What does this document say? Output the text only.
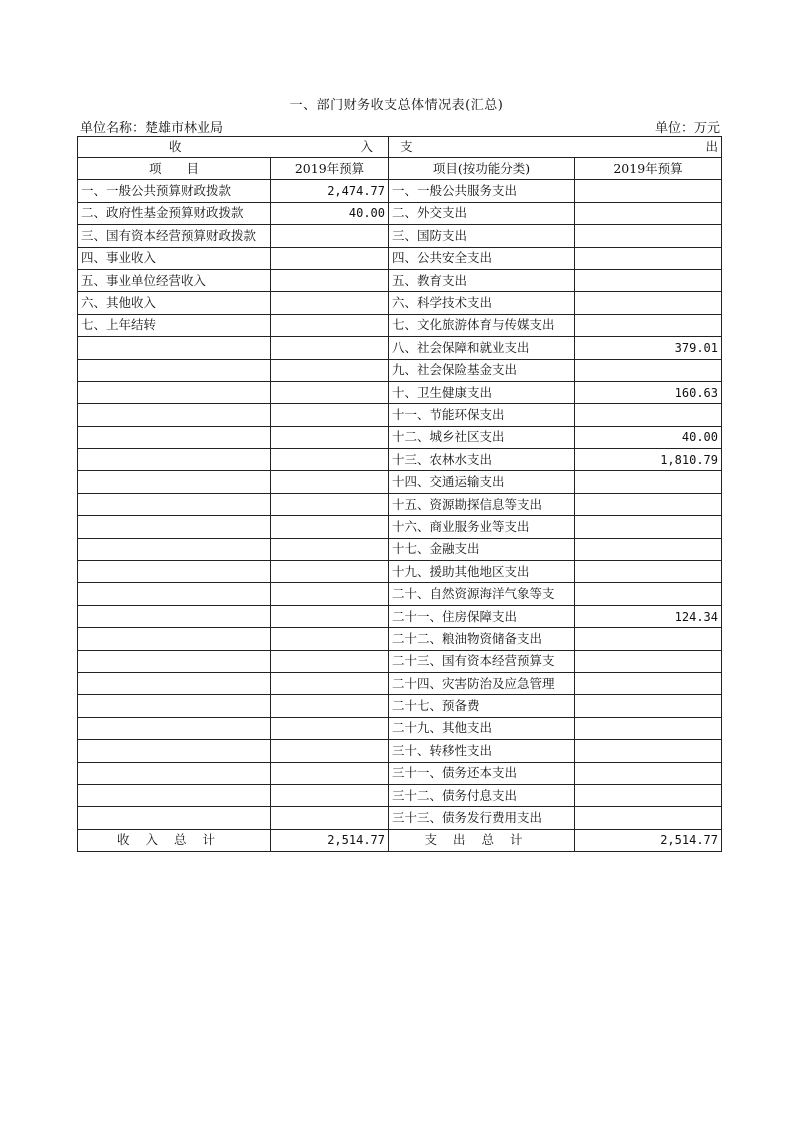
一、部门财务收支总体情况表(汇总)
单位名称：楚雄市林业局	单位：万元
收 入		支 出	

项　　目	2019年预算	项目(按功能分类)	2019年预算
一、一般公共预算财政拨款	2,474.77	一、一般公共服务支出	
二、政府性基金预算财政拨款	40.00	二、外交支出	
三、国有资本经营预算财政拨款		三、国防支出	
四、事业收入		四、公共安全支出	
五、事业单位经营收入		五、教育支出	
六、其他收入		六、科学技术支出	
七、上年结转		七、文化旅游体育与传媒支出	
		八、社会保障和就业支出	379.01
		九、社会保险基金支出	
		十、卫生健康支出	160.63
		十一、节能环保支出	
		十二、城乡社区支出	40.00
		十三、农林水支出	1,810.79
		十四、交通运输支出	
		十五、资源勘探信息等支出	
		十六、商业服务业等支出	
		十七、金融支出	
		十九、援助其他地区支出	
		二十、自然资源海洋气象等支	
		二十一、住房保障支出	124.34
		二十二、粮油物资储备支出	
		二十三、国有资本经营预算支	
		二十四、灾害防治及应急管理	
		二十七、预备费	
		二十九、其他支出	
		三十、转移性支出	
		三十一、债务还本支出	
		三十二、债务付息支出	
		三十三、债务发行费用支出	
收入总计	2,514.77	支出总计	2,514.77
